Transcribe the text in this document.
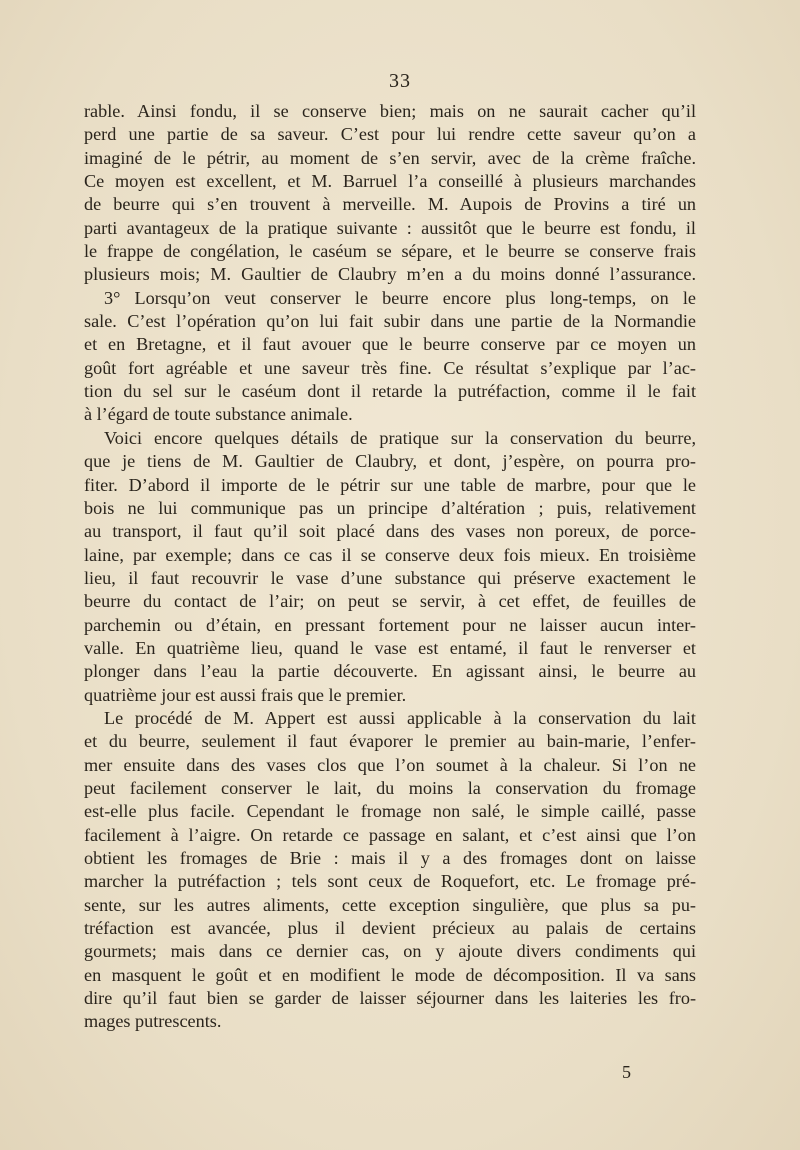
33
rable. Ainsi fondu, il se conserve bien; mais on ne saurait cacher qu’il
perd une partie de sa saveur. C’est pour lui rendre cette saveur qu’on a
imaginé de le pétrir, au moment de s’en servir, avec de la crème fraîche.
Ce moyen est excellent, et M. Barruel l’a conseillé à plusieurs marchandes
de beurre qui s’en trouvent à merveille. M. Aupois de Provins a tiré un
parti avantageux de la pratique suivante : aussitôt que le beurre est fondu, il
le frappe de congélation, le caséum se sépare, et le beurre se conserve frais
plusieurs mois; M. Gaultier de Claubry m’en a du moins donné l’assurance.
3° Lorsqu’on veut conserver le beurre encore plus long-temps, on le
sale. C’est l’opération qu’on lui fait subir dans une partie de la Normandie
et en Bretagne, et il faut avouer que le beurre conserve par ce moyen un
goût fort agréable et une saveur très fine. Ce résultat s’explique par l’ac-
tion du sel sur le caséum dont il retarde la putréfaction, comme il le fait
à l’égard de toute substance animale.
Voici encore quelques détails de pratique sur la conservation du beurre,
que je tiens de M. Gaultier de Claubry, et dont, j’espère, on pourra pro-
fiter. D’abord il importe de le pétrir sur une table de marbre, pour que le
bois ne lui communique pas un principe d’altération ; puis, relativement
au transport, il faut qu’il soit placé dans des vases non poreux, de porce-
laine, par exemple; dans ce cas il se conserve deux fois mieux. En troisième
lieu, il faut recouvrir le vase d’une substance qui préserve exactement le
beurre du contact de l’air; on peut se servir, à cet effet, de feuilles de
parchemin ou d’étain, en pressant fortement pour ne laisser aucun inter-
valle. En quatrième lieu, quand le vase est entamé, il faut le renverser et
plonger dans l’eau la partie découverte. En agissant ainsi, le beurre au
quatrième jour est aussi frais que le premier.
Le procédé de M. Appert est aussi applicable à la conservation du lait
et du beurre, seulement il faut évaporer le premier au bain-marie, l’enfer-
mer ensuite dans des vases clos que l’on soumet à la chaleur. Si l’on ne
peut facilement conserver le lait, du moins la conservation du fromage
est-elle plus facile. Cependant le fromage non salé, le simple caillé, passe
facilement à l’aigre. On retarde ce passage en salant, et c’est ainsi que l’on
obtient les fromages de Brie : mais il y a des fromages dont on laisse
marcher la putréfaction ; tels sont ceux de Roquefort, etc. Le fromage pré-
sente, sur les autres aliments, cette exception singulière, que plus sa pu-
tréfaction est avancée, plus il devient précieux au palais de certains
gourmets; mais dans ce dernier cas, on y ajoute divers condiments qui
en masquent le goût et en modifient le mode de décomposition. Il va sans
dire qu’il faut bien se garder de laisser séjourner dans les laiteries les fro-
mages putrescents.
5
